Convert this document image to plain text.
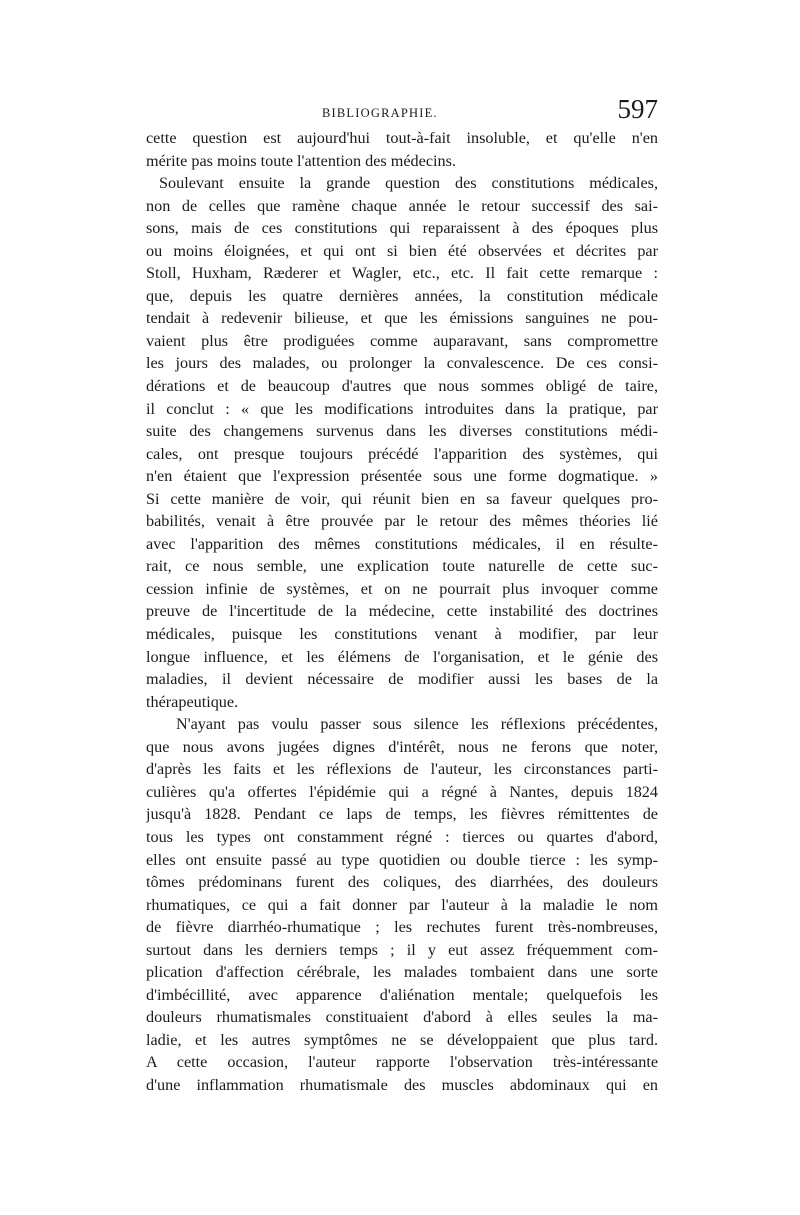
BIBLIOGRAPHIE.	597
cette question est aujourd'hui tout-à-fait insoluble, et qu'elle n'en
mérite pas moins toute l'attention des médecins.
Soulevant ensuite la grande question des constitutions médicales,
non de celles que ramène chaque année le retour successif des sai-
sons, mais de ces constitutions qui reparaissent à des époques plus
ou moins éloignées, et qui ont si bien été observées et décrites par
Stoll, Huxham, Ræderer et Wagler, etc., etc. Il fait cette remarque :
que, depuis les quatre dernières années, la constitution médicale
tendait à redevenir bilieuse, et que les émissions sanguines ne pou-
vaient plus être prodiguées comme auparavant, sans compromettre
les jours des malades, ou prolonger la convalescence. De ces consi-
dérations et de beaucoup d'autres que nous sommes obligé de taire,
il conclut : « que les modifications introduites dans la pratique, par
suite des changemens survenus dans les diverses constitutions médi-
cales, ont presque toujours précédé l'apparition des systèmes, qui
n'en étaient que l'expression présentée sous une forme dogmatique. »
Si cette manière de voir, qui réunit bien en sa faveur quelques pro-
babilités, venait à être prouvée par le retour des mêmes théories lié
avec l'apparition des mêmes constitutions médicales, il en résulte-
rait, ce nous semble, une explication toute naturelle de cette suc-
cession infinie de systèmes, et on ne pourrait plus invoquer comme
preuve de l'incertitude de la médecine, cette instabilité des doctrines
médicales, puisque les constitutions venant à modifier, par leur
longue influence, et les élémens de l'organisation, et le génie des
maladies, il devient nécessaire de modifier aussi les bases de la
thérapeutique.
N'ayant pas voulu passer sous silence les réflexions précédentes,
que nous avons jugées dignes d'intérêt, nous ne ferons que noter,
d'après les faits et les réflexions de l'auteur, les circonstances parti-
culières qu'a offertes l'épidémie qui a régné à Nantes, depuis 1824
jusqu'à 1828. Pendant ce laps de temps, les fièvres rémittentes de
tous les types ont constamment régné : tierces ou quartes d'abord,
elles ont ensuite passé au type quotidien ou double tierce : les symp-
tômes prédominans furent des coliques, des diarrhées, des douleurs
rhumatiques, ce qui a fait donner par l'auteur à la maladie le nom
de fièvre diarrhéo-rhumatique ; les rechutes furent très-nombreuses,
surtout dans les derniers temps ; il y eut assez fréquemment com-
plication d'affection cérébrale, les malades tombaient dans une sorte
d'imbécillité, avec apparence d'aliénation mentale; quelquefois les
douleurs rhumatismales constituaient d'abord à elles seules la ma-
ladie, et les autres symptômes ne se développaient que plus tard.
A cette occasion, l'auteur rapporte l'observation très-intéressante
d'une inflammation rhumatismale des muscles abdominaux qui en
